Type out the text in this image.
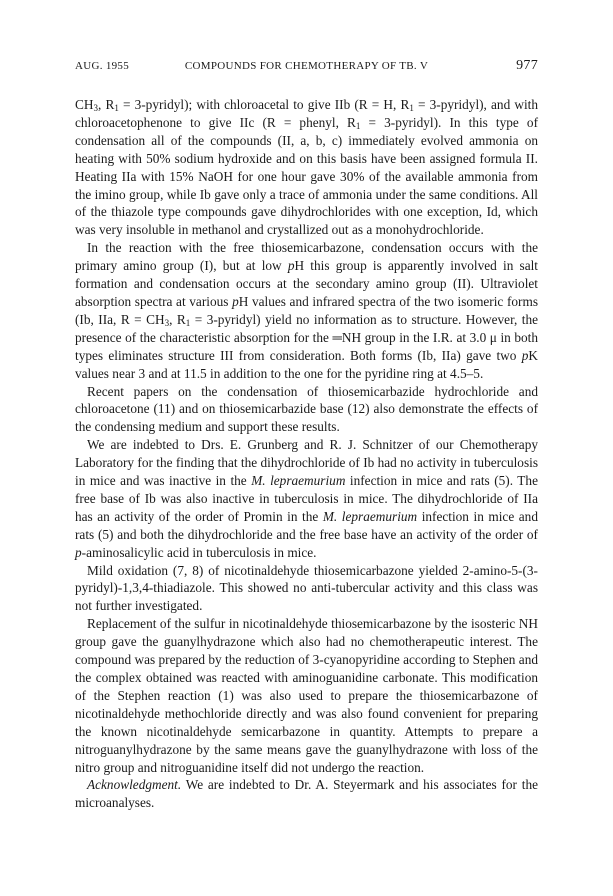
AUG. 1955	COMPOUNDS FOR CHEMOTHERAPY OF TB. V	977

$CH_3$, $R_1$ = 3-pyridyl); with chloroacetal to give IIb (R = H, $R_1$ = 3-pyridyl), and with chloroacetophenone to give IIc (R = phenyl, $R_1$ = 3-pyridyl). In this type of condensation all of the compounds (II, a, b, c) immediately evolved ammonia on heating with 50% sodium hydroxide and on this basis have been assigned formula II. Heating IIa with 15% NaOH for one hour gave 30% of the available ammonia from the imino group, while Ib gave only a trace of ammonia under the same conditions. All of the thiazole type compounds gave dihydrochlorides with one exception, Id, which was very insoluble in methanol and crystallized out as a monohydrochloride.

In the reaction with the free thiosemicarbazone, condensation occurs with the primary amino group (I), but at low pH this group is apparently involved in salt formation and condensation occurs at the secondary amino group (II). Ultraviolet absorption spectra at various pH values and infrared spectra of the two isomeric forms (Ib, IIa, $R = CH_3$, $R_1$ = 3-pyridyl) yield no information as to structure. However, the presence of the characteristic absorption for the ═NH group in the I.R. at 3.0 μ in both types eliminates structure III from consideration. Both forms (Ib, IIa) gave two pK values near 3 and at 11.5 in addition to the one for the pyridine ring at 4.5–5.

Recent papers on the condensation of thiosemicarbazide hydrochloride and chloroacetone (11) and on thiosemicarbazide base (12) also demonstrate the effects of the condensing medium and support these results.

We are indebted to Drs. E. Grunberg and R. J. Schnitzer of our Chemotherapy Laboratory for the finding that the dihydrochloride of Ib had no activity in tuberculosis in mice and was inactive in the M. lepraemurium infection in mice and rats (5). The free base of Ib was also inactive in tuberculosis in mice. The dihydrochloride of IIa has an activity of the order of Promin in the M. lepraemurium infection in mice and rats (5) and both the dihydrochloride and the free base have an activity of the order of p-aminosalicylic acid in tuberculosis in mice.

Mild oxidation (7, 8) of nicotinaldehyde thiosemicarbazone yielded 2-amino-5-(3-pyridyl)-1,3,4-thiadiazole. This showed no anti-tubercular activity and this class was not further investigated.

Replacement of the sulfur in nicotinaldehyde thiosemicarbazone by the isosteric NH group gave the guanylhydrazone which also had no chemotherapeutic interest. The compound was prepared by the reduction of 3-cyanopyridine according to Stephen and the complex obtained was reacted with aminoguanidine carbonate. This modification of the Stephen reaction (1) was also used to prepare the thiosemicarbazone of nicotinaldehyde methochloride directly and was also found convenient for preparing the known nicotinaldehyde semicarbazone in quantity. Attempts to prepare a nitroguanylhydrazone by the same means gave the guanylhydrazone with loss of the nitro group and nitroguanidine itself did not undergo the reaction.

Acknowledgment. We are indebted to Dr. A. Steyermark and his associates for the microanalyses.
